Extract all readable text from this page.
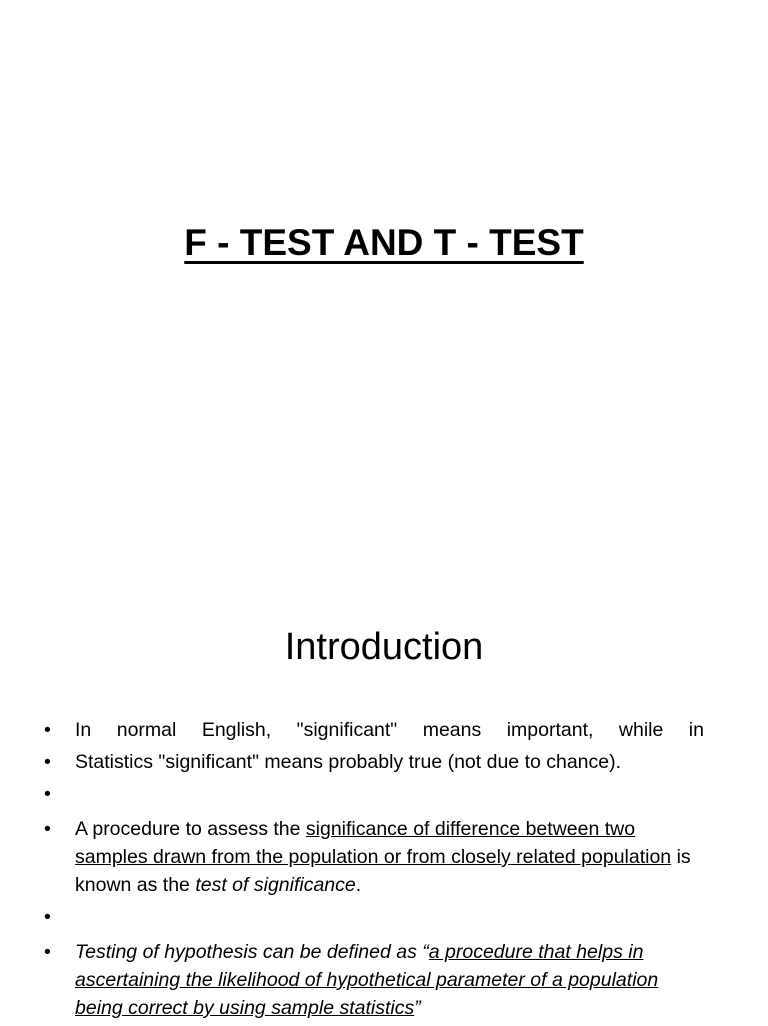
F - TEST AND T - TEST
Introduction
•	In normal English, "significant" means important, while in
•	Statistics "significant" means probably true (not due to chance).
•
•	A procedure to assess the significance of difference between two samples drawn from the population or from closely related population is known as the test of significance.
•
•	Testing of hypothesis can be defined as “a procedure that helps in ascertaining the likelihood of hypothetical parameter of a population being correct by using sample statistics”
